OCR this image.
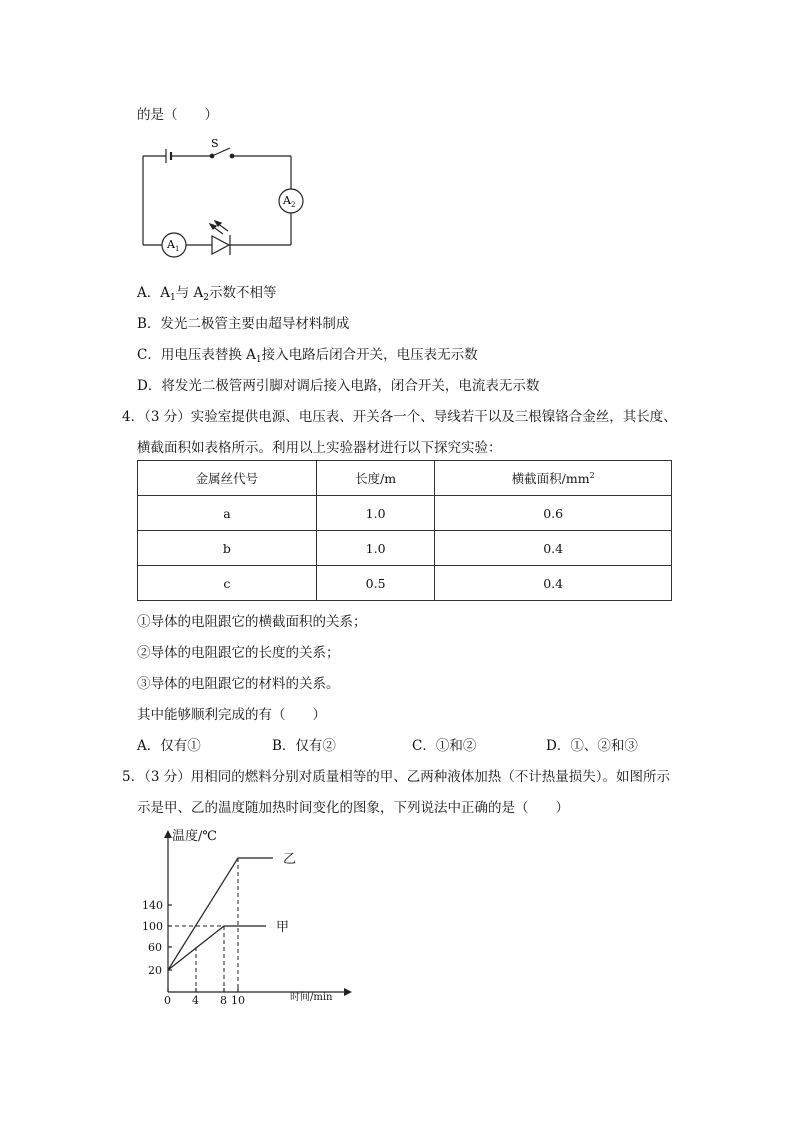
的是（　　）
S
$A_2$
$A_1$
A．$A_1$与 $A_2$示数不相等
B．发光二极管主要由超导材料制成
C．用电压表替换 $A_1$接入电路后闭合开关，电压表无示数
D．将发光二极管两引脚对调后接入电路，闭合开关，电流表无示数
4．（3 分）实验室提供电源、电压表、开关各一个、导线若干以及三根镍铬合金丝，其长度、
横截面积如表格所示。利用以上实验器材进行以下探究实验：
金属丝代号	长度/m	横截面积$/mm^2$
a	1.0	0.6
b	1.0	0.4
c	0.5	0.4
①导体的电阻跟它的横截面积的关系；
②导体的电阻跟它的长度的关系；
③导体的电阻跟它的材料的关系。
其中能够顺利完成的有（　　）
A．仅有①	B．仅有②	C．①和②	D．①、②和③
5．（3 分）用相同的燃料分别对质量相等的甲、乙两种液体加热（不计热量损失）。如图所示
示是甲、乙的温度随加热时间变化的图象，下列说法中正确的是（　　）
0 4 8 10
20
60
100
140
温度/℃
时间/min
乙
甲
